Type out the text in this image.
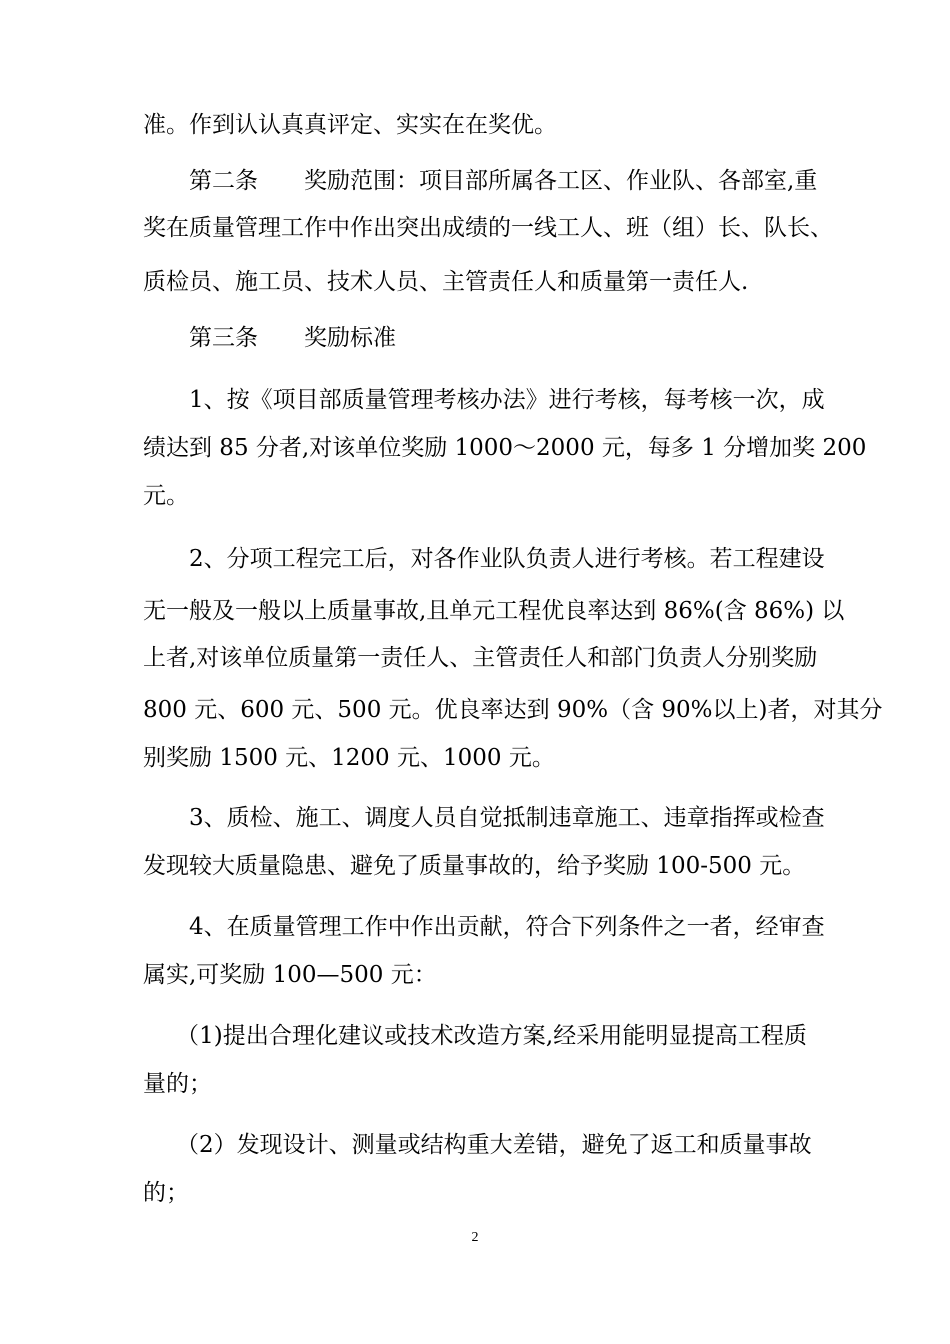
准。作到认认真真评定、实实在在奖优。
第二条　　奖励范围：项目部所属各工区、作业队、各部室,重
奖在质量管理工作中作出突出成绩的一线工人、班（组）长、队长、
质检员、施工员、技术人员、主管责任人和质量第一责任人.
第三条　　奖励标准
1、按《项目部质量管理考核办法》进行考核，每考核一次，成
绩达到 85 分者,对该单位奖励 1000～2000 元，每多 1 分增加奖 200
元。
2、分项工程完工后，对各作业队负责人进行考核。若工程建设
无一般及一般以上质量事故,且单元工程优良率达到 86%(含 86%) 以
上者,对该单位质量第一责任人、主管责任人和部门负责人分别奖励
800 元、600 元、500 元。优良率达到 90%（含 90%以上)者，对其分
别奖励 1500 元、1200 元、1000 元。
3、质检、施工、调度人员自觉抵制违章施工、违章指挥或检查
发现较大质量隐患、避免了质量事故的，给予奖励 100-500 元。
4、在质量管理工作中作出贡献，符合下列条件之一者，经审查
属实,可奖励 100—500 元：
（1)提出合理化建议或技术改造方案,经采用能明显提高工程质
量的；
（2）发现设计、测量或结构重大差错，避免了返工和质量事故
的；
2
